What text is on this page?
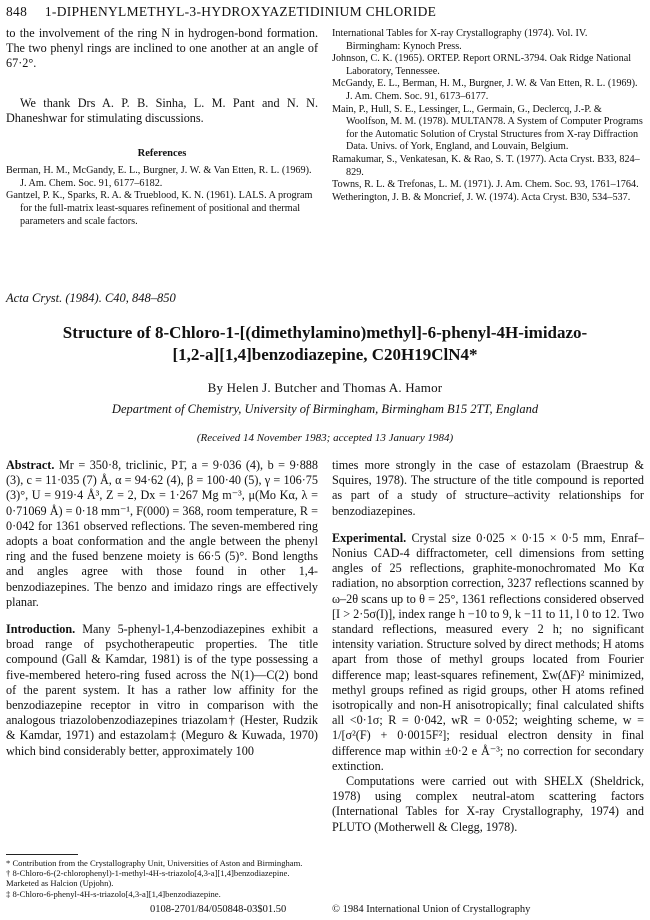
848 1-DIPHENYLMETHYL-3-HYDROXYAZETIDINIUM CHLORIDE

to the involvement of the ring N in hydrogen-bond formation. The two phenyl rings are inclined to one another at an angle of 67·2°.

We thank Drs A. P. B. Sinha, L. M. Pant and N. N. Dhaneshwar for stimulating discussions.

References

Berman, H. M., McGandy, E. L., Burgner, J. W. & Van Etten, R. L. (1969). J. Am. Chem. Soc. 91, 6177–6182.

Gantzel, P. K., Sparks, R. A. & Trueblood, K. N. (1961). LALS. A program for the full-matrix least-squares refinement of positional and thermal parameters and scale factors.

International Tables for X-ray Crystallography (1974). Vol. IV. Birmingham: Kynoch Press.

Johnson, C. K. (1965). ORTEP. Report ORNL-3794. Oak Ridge National Laboratory, Tennessee.

McGandy, E. L., Berman, H. M., Burgner, J. W. & Van Etten, R. L. (1969). J. Am. Chem. Soc. 91, 6173–6177.

Main, P., Hull, S. E., Lessinger, L., Germain, G., Declercq, J.-P. & Woolfson, M. M. (1978). MULTAN78. A System of Computer Programs for the Automatic Solution of Crystal Structures from X-ray Diffraction Data. Univs. of York, England, and Louvain, Belgium.

Ramakumar, S., Venkatesan, K. & Rao, S. T. (1977). Acta Cryst. B33, 824–829.

Towns, R. L. & Trefonas, L. M. (1971). J. Am. Chem. Soc. 93, 1761–1764.

Wetherington, J. B. & Moncrief, J. W. (1974). Acta Cryst. B30, 534–537.

Acta Cryst. (1984). C40, 848–850
Structure of 8-Chloro-1-[(dimethylamino)methyl]-6-phenyl-4H-imidazo-
[1,2-a][1,4]benzodiazepine, C20H19ClN4*
By Helen J. Butcher and Thomas A. Hamor
Department of Chemistry, University of Birmingham, Birmingham B15 2TT, England
(Received 14 November 1983; accepted 13 January 1984)

Abstract. Mr = 350·8, triclinic, P1̄, a = 9·036 (4), b = 9·888 (3), c = 11·035 (7) Å, α = 94·62 (4), β = 100·40 (5), γ = 106·75 (3)°, U = 919·4 Å³, Z = 2, Dx = 1·267 Mg m⁻³, μ(Mo Kα, λ = 0·71069 Å) = 0·18 mm⁻¹, F(000) = 368, room temperature, R = 0·042 for 1361 observed reflections. The seven-membered ring adopts a boat conformation and the angle between the phenyl ring and the fused benzene moiety is 66·5 (5)°. Bond lengths and angles agree with those found in other 1,4-benzodiazepines. The benzo and imidazo rings are effectively planar.

Introduction. Many 5-phenyl-1,4-benzodiazepines exhibit a broad range of psychotherapeutic properties. The title compound (Gall & Kamdar, 1981) is of the type possessing a five-membered hetero-ring fused across the N(1)—C(2) bond of the parent system. It has a rather low affinity for the benzodiazepine receptor in vitro in comparison with the analogous triazolobenzodiazepines triazolam† (Hester, Rudzik & Kamdar, 1971) and estazolam‡ (Meguro & Kuwada, 1970) which bind considerably better, approximately 100

times more strongly in the case of estazolam (Braestrup & Squires, 1978). The structure of the title compound is reported as part of a study of structure–activity relationships for benzodiazepines.

Experimental. Crystal size 0·025 × 0·15 × 0·5 mm, Enraf–Nonius CAD-4 diffractometer, cell dimensions from setting angles of 25 reflections, graphite-monochromated Mo Kα radiation, no absorption correction, 3237 reflections scanned by ω–2θ scans up to θ = 25°, 1361 reflections considered observed [I > 2·5σ(I)], index range h −10 to 9, k −11 to 11, l 0 to 12. Two standard reflections, measured every 2 h; no significant intensity variation. Structure solved by direct methods; H atoms apart from those of methyl groups located from Fourier difference map; least-squares refinement, Σw(ΔF)² minimized, methyl groups refined as rigid groups, other H atoms refined isotropically and non-H anisotropically; final calculated shifts all <0·1σ; R = 0·042, wR = 0·052; weighting scheme, w = 1/[σ²(F) + 0·0015F²]; residual electron density in final difference map within ±0·2 e Å⁻³; no correction for secondary extinction.

Computations were carried out with SHELX (Sheldrick, 1978) using complex neutral-atom scattering factors (International Tables for X-ray Crystallography, 1974) and PLUTO (Motherwell & Clegg, 1978).

* Contribution from the Crystallography Unit, Universities of Aston and Birmingham.

† 8-Chloro-6-(2-chlorophenyl)-1-methyl-4H-s-triazolo[4,3-a][1,4]benzodiazepine. Marketed as Halcion (Upjohn).

‡ 8-Chloro-6-phenyl-4H-s-triazolo[4,3-a][1,4]benzodiazepine.

0108-2701/84/050848-03$01.50	© 1984 International Union of Crystallography
